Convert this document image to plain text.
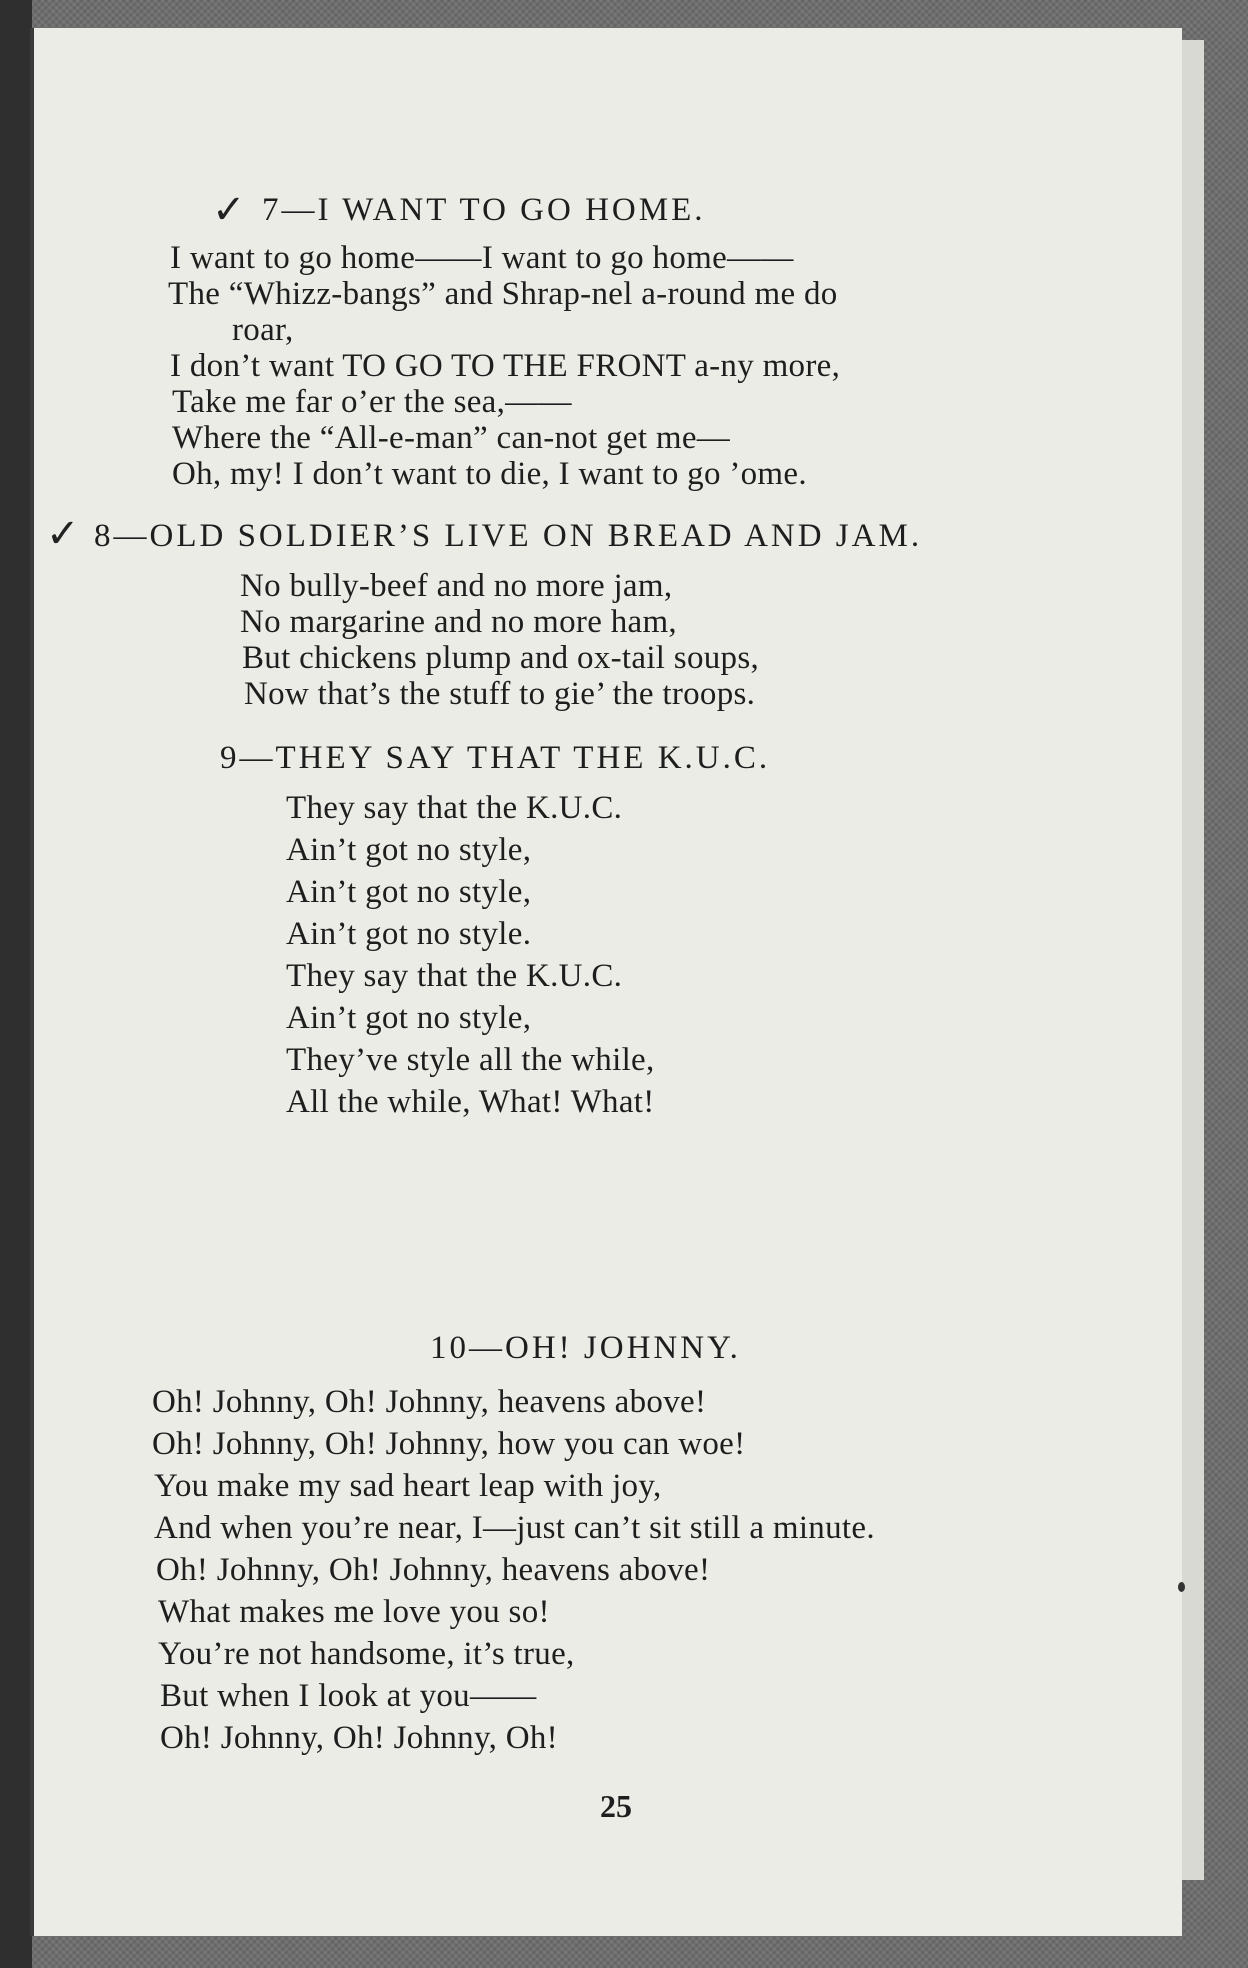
✓ 7—I WANT TO GO HOME.
I want to go home——I want to go home——
The “Whizz-bangs” and Shrap-nel a-round me do
roar,
I don’t want TO GO TO THE FRONT a-ny more,
Take me far o’er the sea,——
Where the “All-e-man” can-not get me—
Oh, my! I don’t want to die, I want to go ’ome.
✓ 8—OLD SOLDIER’S LIVE ON BREAD AND JAM.
No bully-beef and no more jam,
No margarine and no more ham,
But chickens plump and ox-tail soups,
Now that’s the stuff to gie’ the troops.
9—THEY SAY THAT THE K.U.C.
They say that the K.U.C.
Ain’t got no style,
Ain’t got no style,
Ain’t got no style.
They say that the K.U.C.
Ain’t got no style,
They’ve style all the while,
All the while, What! What!
10—OH! JOHNNY.
Oh! Johnny, Oh! Johnny, heavens above!
Oh! Johnny, Oh! Johnny, how you can woe!
You make my sad heart leap with joy,
And when you’re near, I—just can’t sit still a minute.
Oh! Johnny, Oh! Johnny, heavens above!
What makes me love you so!
You’re not handsome, it’s true,
But when I look at you——
Oh! Johnny, Oh! Johnny, Oh!
25
